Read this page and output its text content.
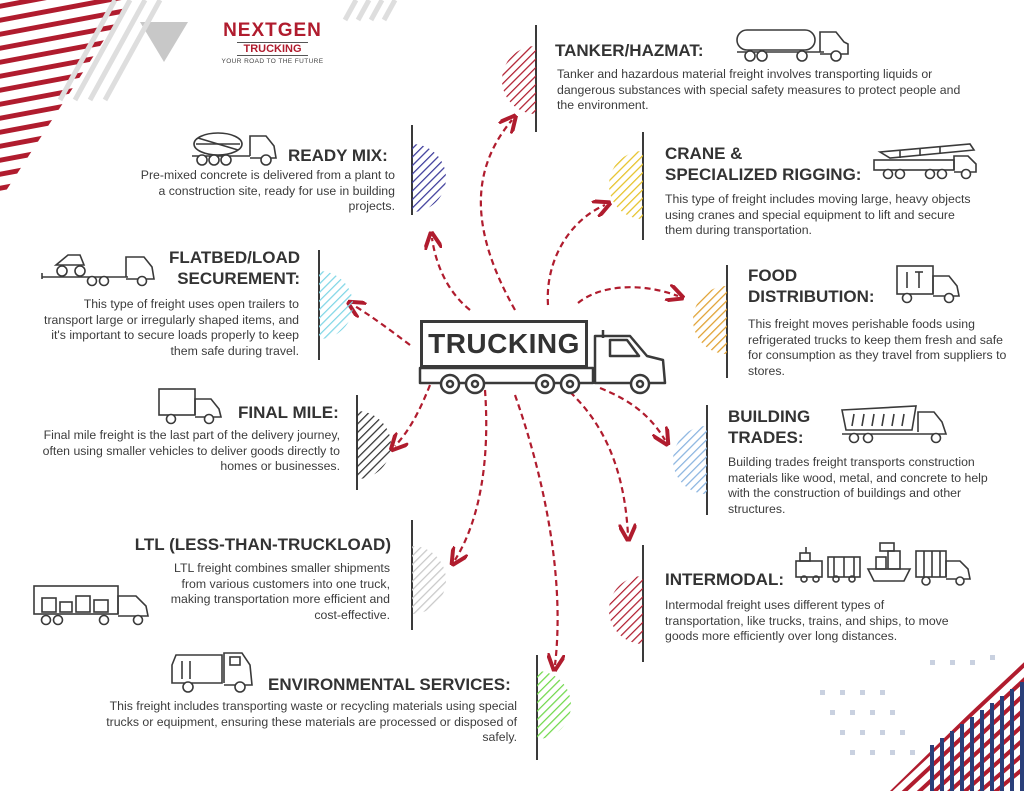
NEXTGEN
TRUCKING
YOUR ROAD TO THE FUTURE
TRUCKING
TANKER/HAZMAT:
Tanker and hazardous material freight involves transporting liquids or dangerous substances with special safety measures to protect people and the environment.
READY MIX:
Pre-mixed concrete is delivered from a plant to a construction site, ready for use in building projects.
CRANE &
SPECIALIZED RIGGING:
This type of freight includes moving large, heavy objects using cranes and special equipment to lift and secure them during transportation.
FLATBED/LOAD
SECUREMENT:
This type of freight uses open trailers to transport large or irregularly shaped items, and it's important to secure loads properly to keep them safe during travel.
FOOD
DISTRIBUTION:
This freight moves perishable foods using refrigerated trucks to keep them fresh and safe for consumption as they travel from suppliers to stores.
FINAL MILE:
Final mile freight is the last part of the delivery journey, often using smaller vehicles to deliver goods directly to homes or businesses.
BUILDING
TRADES:
Building trades freight transports construction materials like wood, metal, and concrete to help with the construction of buildings and other structures.
LTL (LESS-THAN-TRUCKLOAD)
LTL freight combines smaller shipments from various customers into one truck, making transportation more efficient and cost-effective.
INTERMODAL:
Intermodal freight uses different types of transportation, like trucks, trains, and ships, to move goods more efficiently over long distances.
ENVIRONMENTAL SERVICES:
This freight includes transporting waste or recycling materials using special trucks or equipment, ensuring these materials are processed or disposed of safely.
